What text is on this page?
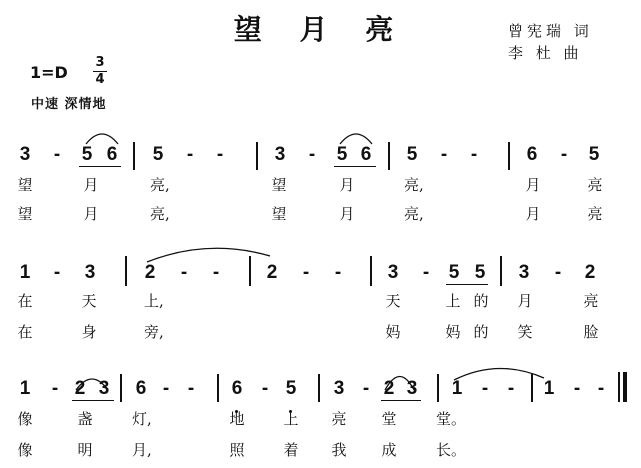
望 月 亮	曾宪瑞 词
李 杜 曲
1=D
3
4
中速 深情地
3 - 5 6 5 - -	3 - 5 6 5 - -	6 - 5
望	月	亮,	望	月	亮,	月	亮
望	月	亮,	望	月	亮,	月	亮
1 - 3	2 - -	2 - - 3 - 5 5 3 - 2
在	天	上,	天	上 的 月	亮
在	身	旁,	妈	妈 的 笑	脸
1 - 2 3 6 - - 6 - 5 3 - 2 3 1 - - 1 - -
像	盏	灯,	地	上 亮 堂	堂。
像	明	月,	照	着 我 成	长。
